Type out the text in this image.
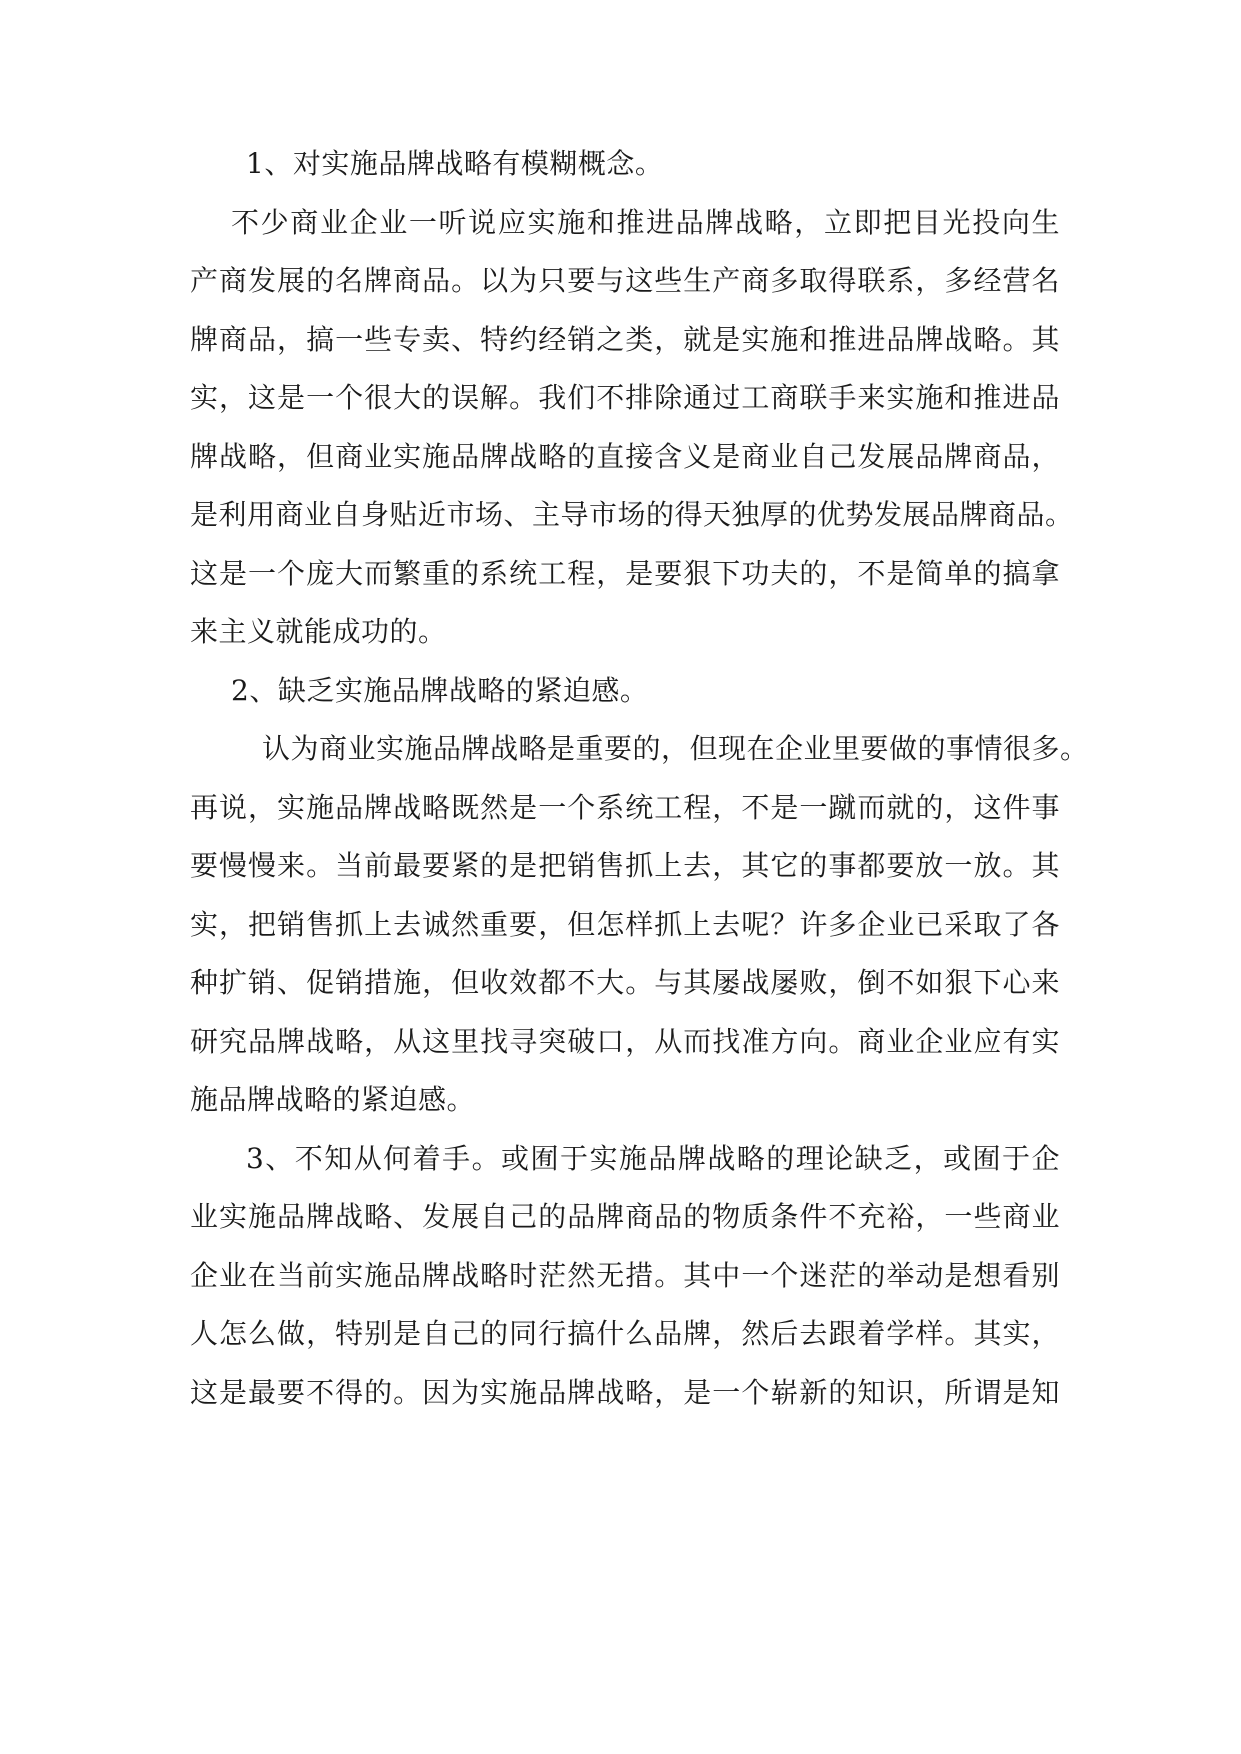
1、对实施品牌战略有模糊概念。
不少商业企业一听说应实施和推进品牌战略，立即把目光投向生
产商发展的名牌商品。以为只要与这些生产商多取得联系，多经营名
牌商品，搞一些专卖、特约经销之类，就是实施和推进品牌战略。其
实，这是一个很大的误解。我们不排除通过工商联手来实施和推进品
牌战略，但商业实施品牌战略的直接含义是商业自己发展品牌商品，
是利用商业自身贴近市场、主导市场的得天独厚的优势发展品牌商品。
这是一个庞大而繁重的系统工程，是要狠下功夫的，不是简单的搞拿
来主义就能成功的。
2、缺乏实施品牌战略的紧迫感。
认为商业实施品牌战略是重要的，但现在企业里要做的事情很多。
再说，实施品牌战略既然是一个系统工程，不是一蹴而就的，这件事
要慢慢来。当前最要紧的是把销售抓上去，其它的事都要放一放。其
实，把销售抓上去诚然重要，但怎样抓上去呢？许多企业已采取了各
种扩销、促销措施，但收效都不大。与其屡战屡败，倒不如狠下心来
研究品牌战略，从这里找寻突破口，从而找准方向。商业企业应有实
施品牌战略的紧迫感。
3、不知从何着手。或囿于实施品牌战略的理论缺乏，或囿于企
业实施品牌战略、发展自己的品牌商品的物质条件不充裕，一些商业
企业在当前实施品牌战略时茫然无措。其中一个迷茫的举动是想看别
人怎么做，特别是自己的同行搞什么品牌，然后去跟着学样。其实，
这是最要不得的。因为实施品牌战略，是一个崭新的知识，所谓是知
